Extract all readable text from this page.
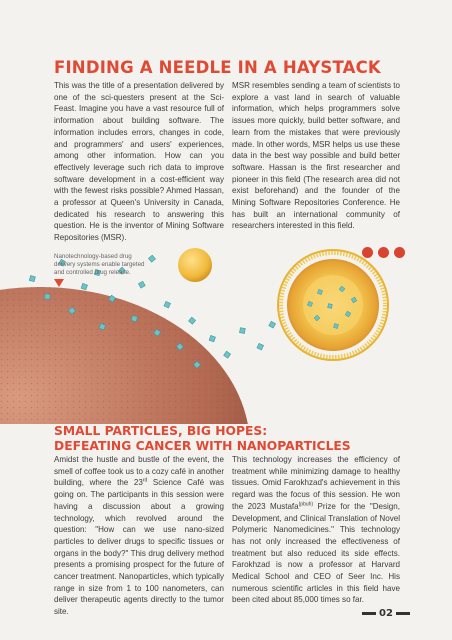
FINDING A NEEDLE IN A HAYSTACK

This was the title of a presentation delivered by one of the sci-questers present at the Sci-Feast. Imagine you have a vast resource full of information about building software. The information includes errors, changes in code, and programmers' and users' experiences, among other information. How can you effectively leverage such rich data to improve software development in a cost-efficient way with the fewest risks possible? Ahmed Hassan, a professor at Queen's University in Canada, dedicated his research to answering this question. He is the inventor of Mining Software Repositories (MSR).

MSR resembles sending a team of scientists to explore a vast land in search of valuable information, which helps programmers solve issues more quickly, build better software, and learn from the mistakes that were previously made. In other words, MSR helps us use these data in the best way possible and build better software. Hassan is the first researcher and pioneer in this field (The research area did not exist beforehand) and the founder of the Mining Software Repositories Conference. He has built an international community of researchers interested in this field.

Nanotechnology-based drug delivery systems enable targeted and controlled drug release.

SMALL PARTICLES, BIG HOPES:
DEFEATING CANCER WITH NANOPARTICLES

Amidst the hustle and bustle of the event, the smell of coffee took us to a cozy café in another building, where the 23rd Science Café was going on. The participants in this session were having a discussion about a growing technology, which revolved around the question: "How can we use nano-sized particles to deliver drugs to specific tissues or organs in the body?" This drug delivery method presents a promising prospect for the future of cancer treatment. Nanoparticles, which typically range in size from 1 to 100 nanometers, can deliver therapeutic agents directly to the tumor site.

This technology increases the efficiency of treatment while minimizing damage to healthy tissues. Omid Farokhzad's achievement in this regard was the focus of this session. He won the 2023 Mustafa$^{(pbuh)}$ Prize for the "Design, Development, and Clinical Translation of Novel Polymeric Nanomedicines." This technology has not only increased the effectiveness of treatment but also reduced its side effects. Farokhzad is now a professor at Harvard Medical School and CEO of Seer Inc. His numerous scientific articles in this field have been cited about 85,000 times so far.

02
